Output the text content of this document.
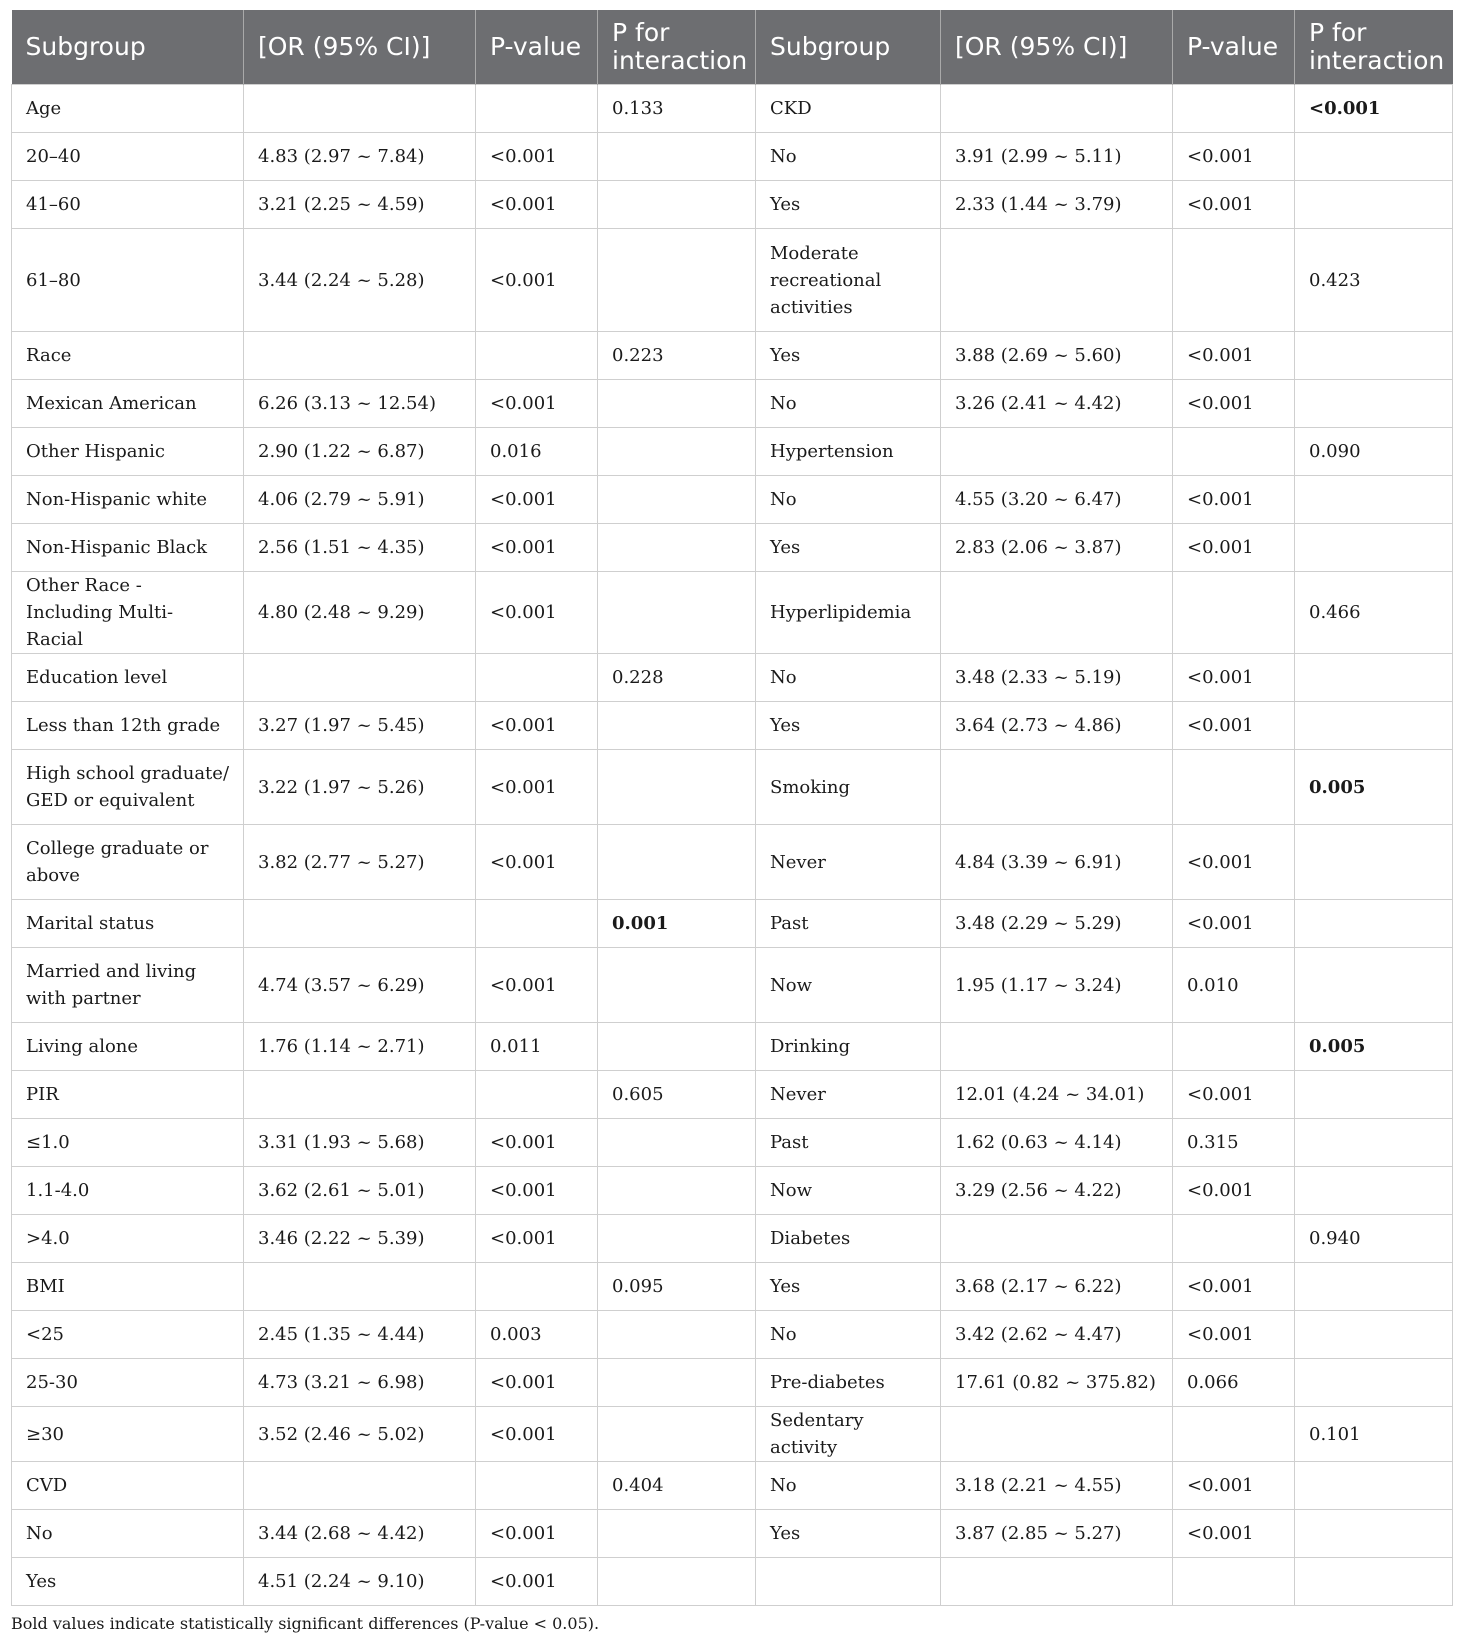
Subgroup	[OR (95% CI)]	P-value	P for interaction	Subgroup	[OR (95% CI)]	P-value	P for interaction
Age			0.133	CKD			<0.001
20–40	4.83 (2.97 ~ 7.84)	<0.001		No	3.91 (2.99 ~ 5.11)	<0.001	
41–60	3.21 (2.25 ~ 4.59)	<0.001		Yes	2.33 (1.44 ~ 3.79)	<0.001	
61–80	3.44 (2.24 ~ 5.28)	<0.001		Moderate recreational activities			0.423
Race			0.223	Yes	3.88 (2.69 ~ 5.60)	<0.001	
Mexican American	6.26 (3.13 ~ 12.54)	<0.001		No	3.26 (2.41 ~ 4.42)	<0.001	
Other Hispanic	2.90 (1.22 ~ 6.87)	0.016		Hypertension			0.090
Non-Hispanic white	4.06 (2.79 ~ 5.91)	<0.001		No	4.55 (3.20 ~ 6.47)	<0.001	
Non-Hispanic Black	2.56 (1.51 ~ 4.35)	<0.001		Yes	2.83 (2.06 ~ 3.87)	<0.001	
Other Race - Including Multi-Racial	4.80 (2.48 ~ 9.29)	<0.001		Hyperlipidemia			0.466
Education level			0.228	No	3.48 (2.33 ~ 5.19)	<0.001	
Less than 12th grade	3.27 (1.97 ~ 5.45)	<0.001		Yes	3.64 (2.73 ~ 4.86)	<0.001	
High school graduate/ GED or equivalent	3.22 (1.97 ~ 5.26)	<0.001		Smoking			0.005
College graduate or above	3.82 (2.77 ~ 5.27)	<0.001		Never	4.84 (3.39 ~ 6.91)	<0.001	
Marital status			0.001	Past	3.48 (2.29 ~ 5.29)	<0.001	
Married and living with partner	4.74 (3.57 ~ 6.29)	<0.001		Now	1.95 (1.17 ~ 3.24)	0.010	
Living alone	1.76 (1.14 ~ 2.71)	0.011		Drinking			0.005
PIR			0.605	Never	12.01 (4.24 ~ 34.01)	<0.001	
≤1.0	3.31 (1.93 ~ 5.68)	<0.001		Past	1.62 (0.63 ~ 4.14)	0.315	
1.1-4.0	3.62 (2.61 ~ 5.01)	<0.001		Now	3.29 (2.56 ~ 4.22)	<0.001	
>4.0	3.46 (2.22 ~ 5.39)	<0.001		Diabetes			0.940
BMI			0.095	Yes	3.68 (2.17 ~ 6.22)	<0.001	
<25	2.45 (1.35 ~ 4.44)	0.003		No	3.42 (2.62 ~ 4.47)	<0.001	
25-30	4.73 (3.21 ~ 6.98)	<0.001		Pre-diabetes	17.61 (0.82 ~ 375.82)	0.066	
≥30	3.52 (2.46 ~ 5.02)	<0.001		Sedentary activity			0.101
CVD			0.404	No	3.18 (2.21 ~ 4.55)	<0.001	
No	3.44 (2.68 ~ 4.42)	<0.001		Yes	3.87 (2.85 ~ 5.27)	<0.001	
Yes	4.51 (2.24 ~ 9.10)	<0.001					
Bold values indicate statistically significant differences (P-value < 0.05).
